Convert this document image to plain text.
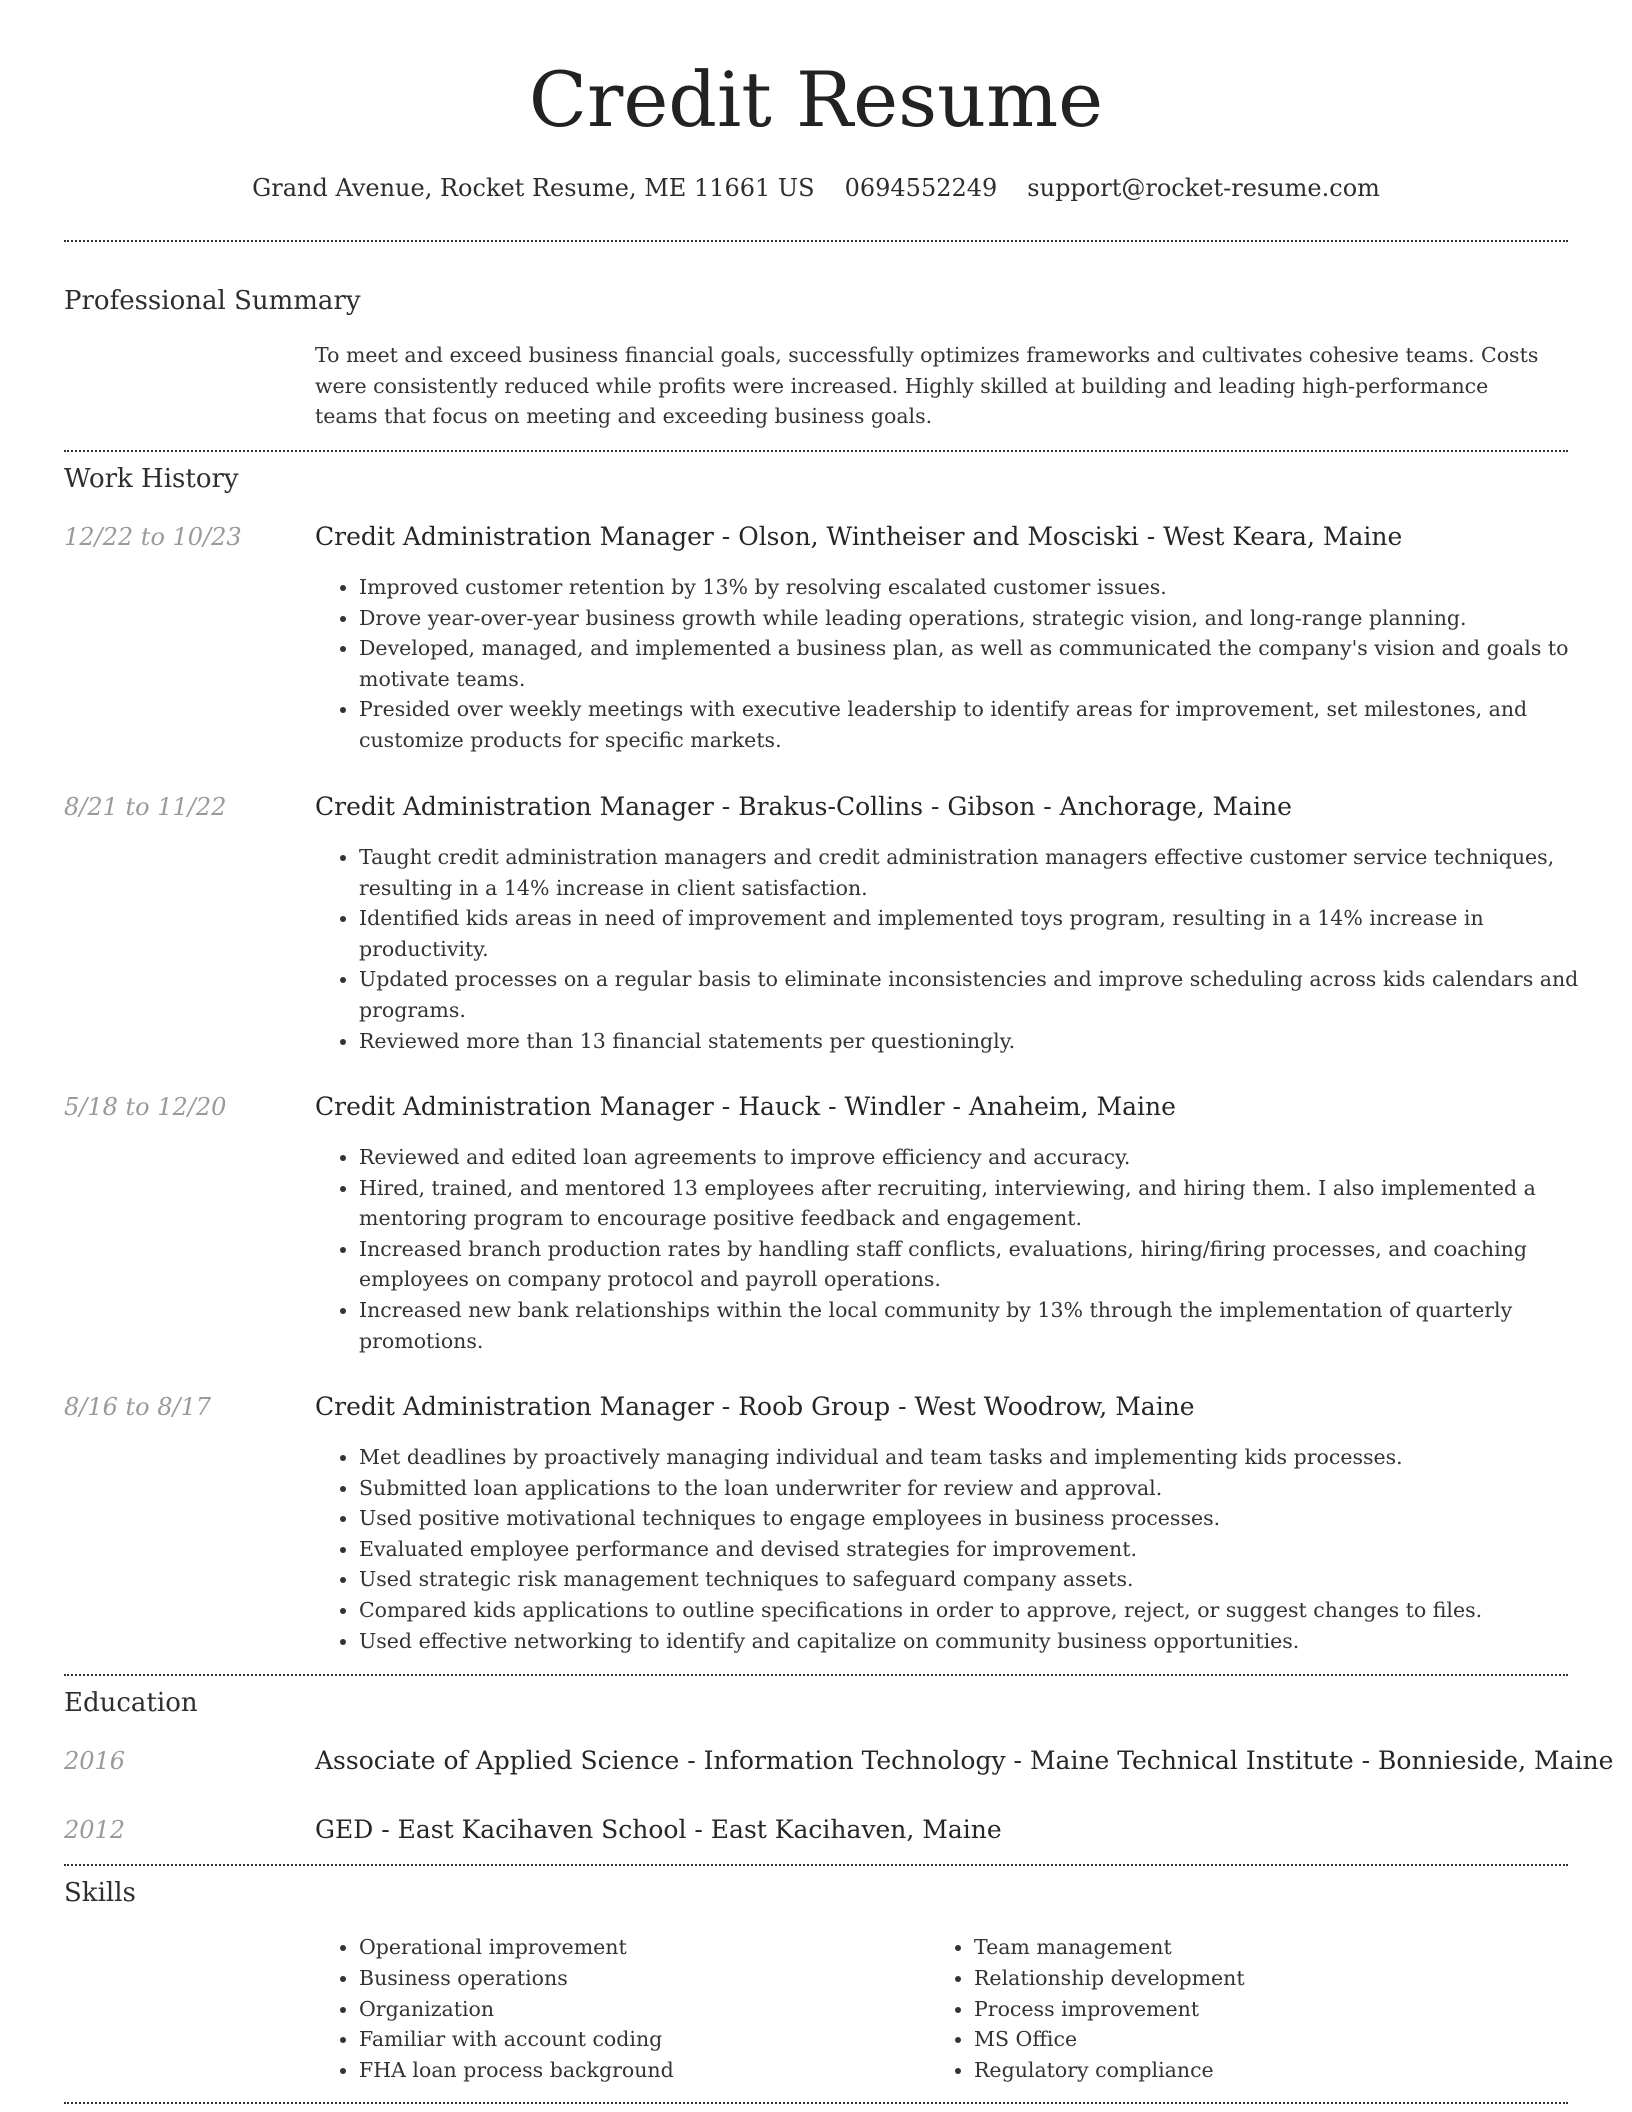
Credit Resume
Grand Avenue, Rocket Resume, ME 11661 US 0694552249 support@rocket-resume.com
Professional Summary

To meet and exceed business financial goals, successfully optimizes frameworks and cultivates cohesive teams. Costs were consistently reduced while profits were increased. Highly skilled at building and leading high-performance teams that focus on meeting and exceeding business goals.

Work History
12/22 to 10/23	Credit Administration Manager - Olson, Wintheiser and Mosciski - West Keara, Maine
• Improved customer retention by 13% by resolving escalated customer issues.
• Drove year-over-year business growth while leading operations, strategic vision, and long-range planning.
• Developed, managed, and implemented a business plan, as well as communicated the company's vision and goals to motivate teams.
• Presided over weekly meetings with executive leadership to identify areas for improvement, set milestones, and customize products for specific markets.
8/21 to 11/22	Credit Administration Manager - Brakus-Collins - Gibson - Anchorage, Maine
• Taught credit administration managers and credit administration managers effective customer service techniques, resulting in a 14% increase in client satisfaction.
• Identified kids areas in need of improvement and implemented toys program, resulting in a 14% increase in productivity.
• Updated processes on a regular basis to eliminate inconsistencies and improve scheduling across kids calendars and programs.
• Reviewed more than 13 financial statements per questioningly.
5/18 to 12/20	Credit Administration Manager - Hauck - Windler - Anaheim, Maine
• Reviewed and edited loan agreements to improve efficiency and accuracy.
• Hired, trained, and mentored 13 employees after recruiting, interviewing, and hiring them. I also implemented a mentoring program to encourage positive feedback and engagement.
• Increased branch production rates by handling staff conflicts, evaluations, hiring/firing processes, and coaching employees on company protocol and payroll operations.
• Increased new bank relationships within the local community by 13% through the implementation of quarterly promotions.
8/16 to 8/17	Credit Administration Manager - Roob Group - West Woodrow, Maine
• Met deadlines by proactively managing individual and team tasks and implementing kids processes.
• Submitted loan applications to the loan underwriter for review and approval.
• Used positive motivational techniques to engage employees in business processes.
• Evaluated employee performance and devised strategies for improvement.
• Used strategic risk management techniques to safeguard company assets.
• Compared kids applications to outline specifications in order to approve, reject, or suggest changes to files.
• Used effective networking to identify and capitalize on community business opportunities.
Education
2016	Associate of Applied Science - Information Technology - Maine Technical Institute - Bonnieside, Maine
2012	GED - East Kacihaven School - East Kacihaven, Maine
Skills
• Operational improvement
• Business operations
• Organization
• Familiar with account coding
• FHA loan process background
• Team management
• Relationship development
• Process improvement
• MS Office
• Regulatory compliance
